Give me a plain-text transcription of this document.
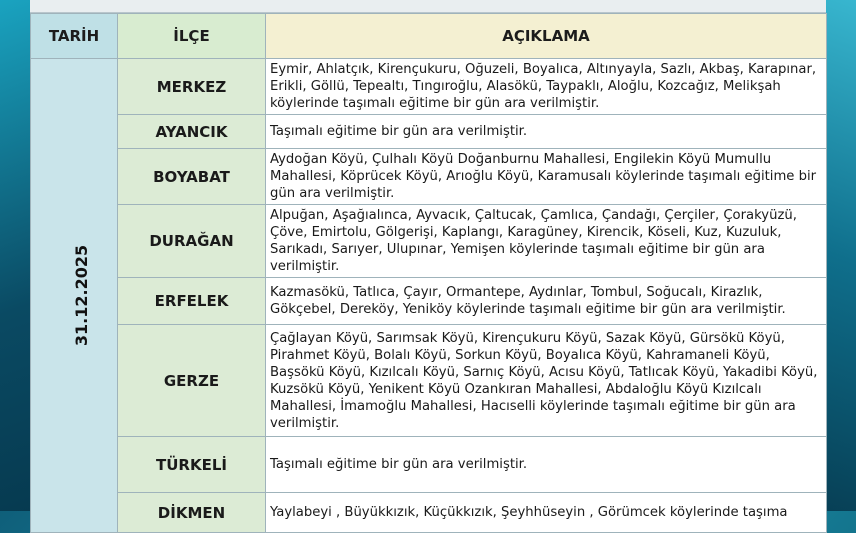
TARİH	İLÇE	AÇIKLAMA
31.12.2025	MERKEZ	Eymir, Ahlatçık, Kirençukuru, Oğuzeli, Boyalıca, Altınyayla, Sazlı, Akbaş, Karapınar, Erikli, Göllü, Tepealtı, Tıngıroğlu, Alasökü, Taypaklı, Aloğlu, Kozcağız, Melikşah köylerinde taşımalı eğitime bir gün ara verilmiştir.
	AYANCIK	Taşımalı eğitime bir gün ara verilmiştir.
	BOYABAT	Aydoğan Köyü, Çulhalı Köyü Doğanburnu Mahallesi, Engilekin Köyü Mumullu Mahallesi, Köprücek Köyü, Arıoğlu Köyü, Karamusalı köylerinde taşımalı eğitime bir gün ara verilmiştir.
	DURAĞAN	Alpuğan, Aşağıalınca, Ayvacık, Çaltucak, Çamlıca, Çandağı, Çerçiler, Çorakyüzü, Çöve, Emirtolu, Gölgerişi, Kaplangı, Karagüney, Kirencik, Köseli, Kuz, Kuzuluk, Sarıkadı, Sarıyer, Ulupınar, Yemişen köylerinde taşımalı eğitime bir gün ara verilmiştir.
	ERFELEK	Kazmasökü, Tatlıca, Çayır, Ormantepe, Aydınlar, Tombul, Soğucalı, Kirazlık, Gökçebel, Dereköy, Yeniköy köylerinde taşımalı eğitime bir gün ara verilmiştir.
	GERZE	Çağlayan Köyü, Sarımsak Köyü, Kirençukuru Köyü, Sazak Köyü, Gürsökü Köyü, Pirahmet Köyü, Bolalı Köyü, Sorkun Köyü, Boyalıca Köyü, Kahramaneli Köyü, Başsökü Köyü, Kızılcalı Köyü, Sarnıç Köyü, Acısu Köyü, Tatlıcak Köyü, Yakadibi Köyü, Kuzsökü Köyü, Yenikent Köyü Ozankıran Mahallesi, Abdaloğlu Köyü Kızılcalı Mahallesi, İmamoğlu Mahallesi, Hacıselli köylerinde taşımalı eğitime bir gün ara verilmiştir.
	TÜRKELİ	Taşımalı eğitime bir gün ara verilmiştir.
	DİKMEN	Yaylabeyi , Büyükkızık, Küçükkızık, Şeyhhüseyin , Görümcek köylerinde taşıma
